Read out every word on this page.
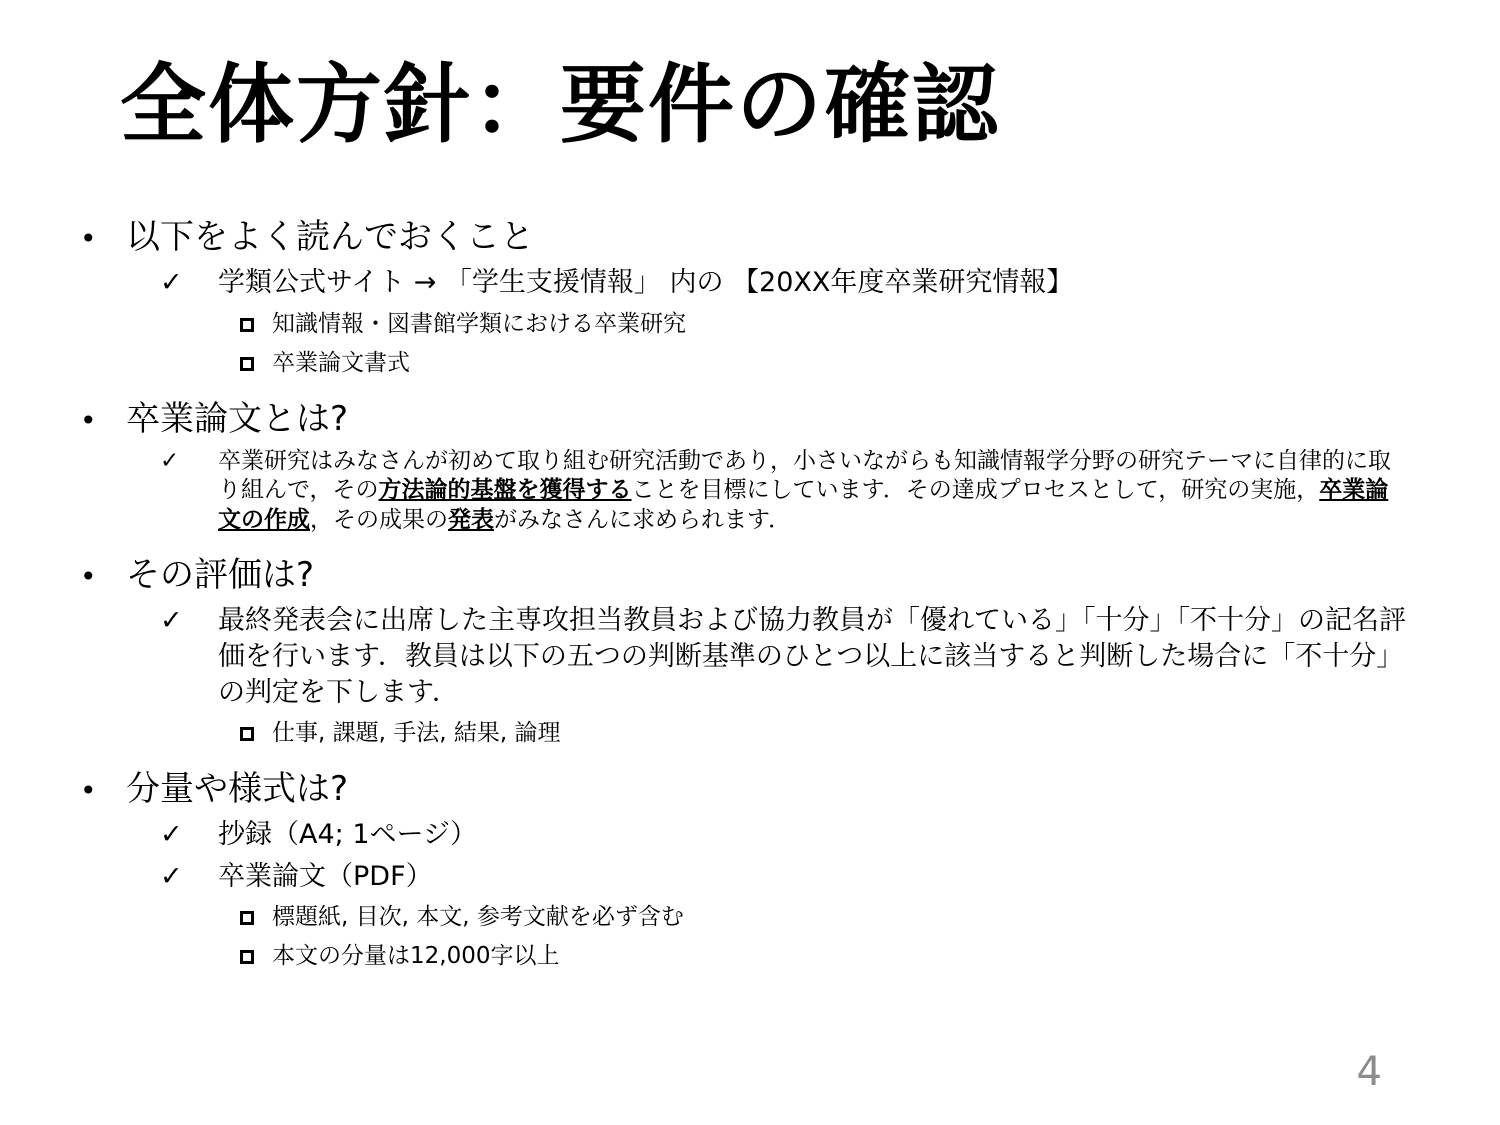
全体方針：要件の確認
• 以下をよく読んでおくこと
✓	学類公式サイト → 「学生支援情報」 内の 【20XX年度卒業研究情報】
知識情報・図書館学類における卒業研究
卒業論文書式
• 卒業論文とは?
✓	卒業研究はみなさんが初めて取り組む研究活動であり，小さいながらも知識情報学分野の研究テーマに自律的に取り組んで，その方法論的基盤を獲得することを目標にしています．その達成プロセスとして，研究の実施，卒業論文の作成，その成果の発表がみなさんに求められます．
• その評価は?
✓	最終発表会に出席した主専攻担当教員および協力教員が「優れている」「十分」「不十分」の記名評価を行います．教員は以下の五つの判断基準のひとつ以上に該当すると判断した場合に「不十分」の判定を下します．
仕事, 課題, 手法, 結果, 論理
• 分量や様式は?
✓	抄録（A4; 1ページ）
✓	卒業論文（PDF）
標題紙, 目次, 本文, 参考文献を必ず含む
本文の分量は12,000字以上
4
